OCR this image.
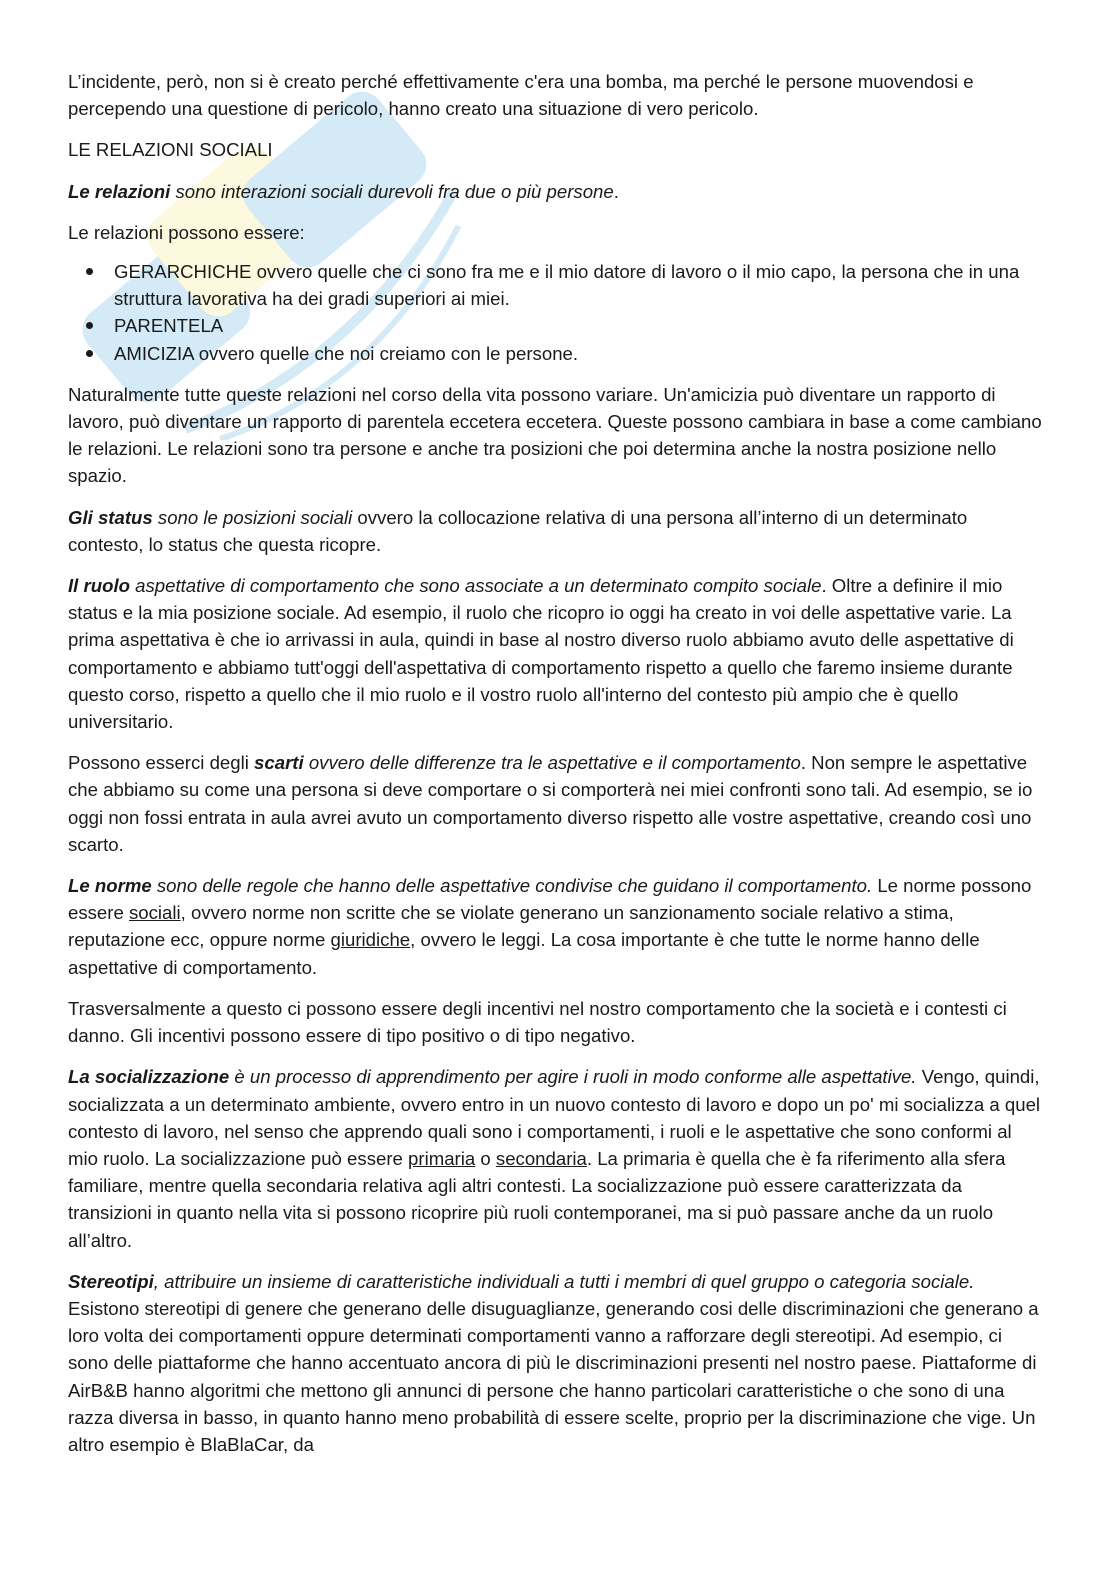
L’incidente, però, non si è creato perché effettivamente c'era una bomba, ma perché le persone muovendosi e percependo una questione di pericolo, hanno creato una situazione di vero pericolo.

LE RELAZIONI SOCIALI

Le relazioni sono interazioni sociali durevoli fra due o più persone.

Le relazioni possono essere:

GERARCHICHE ovvero quelle che ci sono fra me e il mio datore di lavoro o il mio capo, la persona che in una struttura lavorativa ha dei gradi superiori ai miei.
PARENTELA
AMICIZIA ovvero quelle che noi creiamo con le persone.

Naturalmente tutte queste relazioni nel corso della vita possono variare. Un'amicizia può diventare un rapporto di lavoro, può diventare un rapporto di parentela eccetera eccetera. Queste possono cambiara in base a come cambiano le relazioni. Le relazioni sono tra persone e anche tra posizioni che poi determina anche la nostra posizione nello spazio.

Gli status sono le posizioni sociali ovvero la collocazione relativa di una persona all’interno di un determinato contesto, lo status che questa ricopre.

Il ruolo aspettative di comportamento che sono associate a un determinato compito sociale. Oltre a definire il mio status e la mia posizione sociale. Ad esempio, il ruolo che ricopro io oggi ha creato in voi delle aspettative varie. La prima aspettativa è che io arrivassi in aula, quindi in base al nostro diverso ruolo abbiamo avuto delle aspettative di comportamento e abbiamo tutt'oggi dell'aspettativa di comportamento rispetto a quello che faremo insieme durante questo corso, rispetto a quello che il mio ruolo e il vostro ruolo all'interno del contesto più ampio che è quello universitario.

Possono esserci degli scarti ovvero delle differenze tra le aspettative e il comportamento. Non sempre le aspettative che abbiamo su come una persona si deve comportare o si comporterà nei miei confronti sono tali. Ad esempio, se io oggi non fossi entrata in aula avrei avuto un comportamento diverso rispetto alle vostre aspettative, creando così uno scarto.

Le norme sono delle regole che hanno delle aspettative condivise che guidano il comportamento. Le norme possono essere sociali, ovvero norme non scritte che se violate generano un sanzionamento sociale relativo a stima, reputazione ecc, oppure norme giuridiche, ovvero le leggi. La cosa importante è che tutte le norme hanno delle aspettative di comportamento.

Trasversalmente a questo ci possono essere degli incentivi nel nostro comportamento che la società e i contesti ci danno. Gli incentivi possono essere di tipo positivo o di tipo negativo.

La socializzazione è un processo di apprendimento per agire i ruoli in modo conforme alle aspettative. Vengo, quindi, socializzata a un determinato ambiente, ovvero entro in un nuovo contesto di lavoro e dopo un po' mi socializza a quel contesto di lavoro, nel senso che apprendo quali sono i comportamenti, i ruoli e le aspettative che sono conformi al mio ruolo. La socializzazione può essere primaria o secondaria. La primaria è quella che è fa riferimento alla sfera familiare, mentre quella secondaria relativa agli altri contesti. La socializzazione può essere caratterizzata da transizioni in quanto nella vita si possono ricoprire più ruoli contemporanei, ma si può passare anche da un ruolo all’altro.

Stereotipi, attribuire un insieme di caratteristiche individuali a tutti i membri di quel gruppo o categoria sociale. Esistono stereotipi di genere che generano delle disuguaglianze, generando cosi delle discriminazioni che generano a loro volta dei comportamenti oppure determinati comportamenti vanno a rafforzare degli stereotipi. Ad esempio, ci sono delle piattaforme che hanno accentuato ancora di più le discriminazioni presenti nel nostro paese. Piattaforme di AirB&B hanno algoritmi che mettono gli annunci di persone che hanno particolari caratteristiche o che sono di una razza diversa in basso, in quanto hanno meno probabilità di essere scelte, proprio per la discriminazione che vige. Un altro esempio è BlaBlaCar, da
